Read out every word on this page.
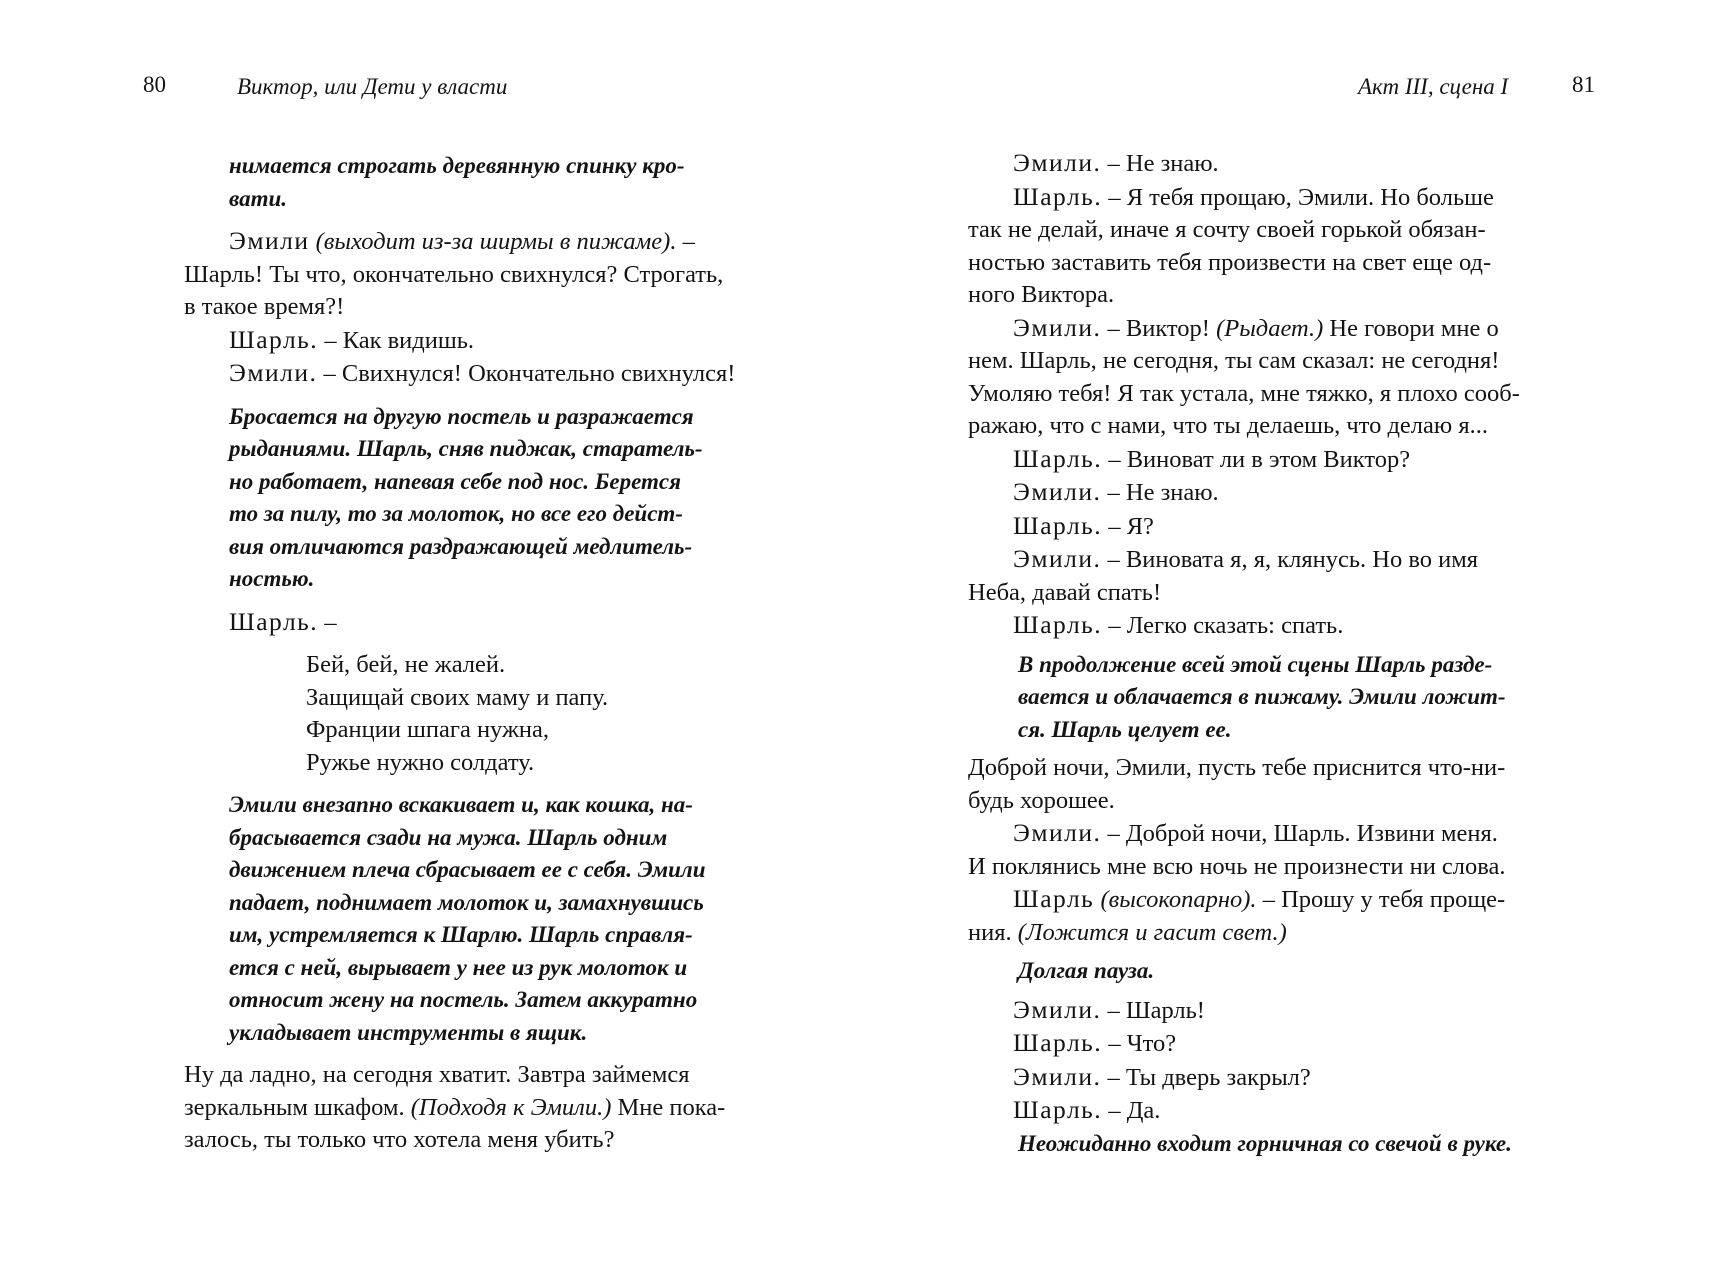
80	Виктор, или Дети у власти
нимается строгать деревянную спинку кро-
вати.
Эмили (выходит из-за ширмы в пижаме). –
Шарль! Ты что, окончательно свихнулся? Строгать,
в такое время?!
Шарль. – Как видишь.
Эмили. – Свихнулся! Окончательно свихнулся!
Бросается на другую постель и разражается
рыданиями. Шарль, сняв пиджак, старатель-
но работает, напевая себе под нос. Берется
то за пилу, то за молоток, но все его дейст-
вия отличаются раздражающей медлитель-
ностью.
Шарль. –
Бей, бей, не жалей.
Защищай своих маму и папу.
Франции шпага нужна,
Ружье нужно солдату.
Эмили внезапно вскакивает и, как кошка, на-
брасывается сзади на мужа. Шарль одним
движением плеча сбрасывает ее с себя. Эмили
падает, поднимает молоток и, замахнувшись
им, устремляется к Шарлю. Шарль справля-
ется с ней, вырывает у нее из рук молоток и
относит жену на постель. Затем аккуратно
укладывает инструменты в ящик.
Ну да ладно, на сегодня хватит. Завтра займемся
зеркальным шкафом. (Подходя к Эмили.) Мне пока-
залось, ты только что хотела меня убить?
Акт III, сцена I	81
Эмили. – Не знаю.
Шарль. – Я тебя прощаю, Эмили. Но больше
так не делай, иначе я сочту своей горькой обязан-
ностью заставить тебя произвести на свет еще од-
ного Виктора.
Эмили. – Виктор! (Рыдает.) Не говори мне о
нем. Шарль, не сегодня, ты сам сказал: не сегодня!
Умоляю тебя! Я так устала, мне тяжко, я плохо сооб-
ражаю, что с нами, что ты делаешь, что делаю я...
Шарль. – Виноват ли в этом Виктор?
Эмили. – Не знаю.
Шарль. – Я?
Эмили. – Виновата я, я, клянусь. Но во имя
Неба, давай спать!
Шарль. – Легко сказать: спать.
В продолжение всей этой сцены Шарль разде-
вается и облачается в пижаму. Эмили ложит-
ся. Шарль целует ее.
Доброй ночи, Эмили, пусть тебе приснится что-ни-
будь хорошее.
Эмили. – Доброй ночи, Шарль. Извини меня.
И поклянись мне всю ночь не произнести ни слова.
Шарль (высокопарно). – Прошу у тебя проще-
ния. (Ложится и гасит свет.)
Долгая пауза.
Эмили. – Шарль!
Шарль. – Что?
Эмили. – Ты дверь закрыл?
Шарль. – Да.
Неожиданно входит горничная со свечой в руке.
